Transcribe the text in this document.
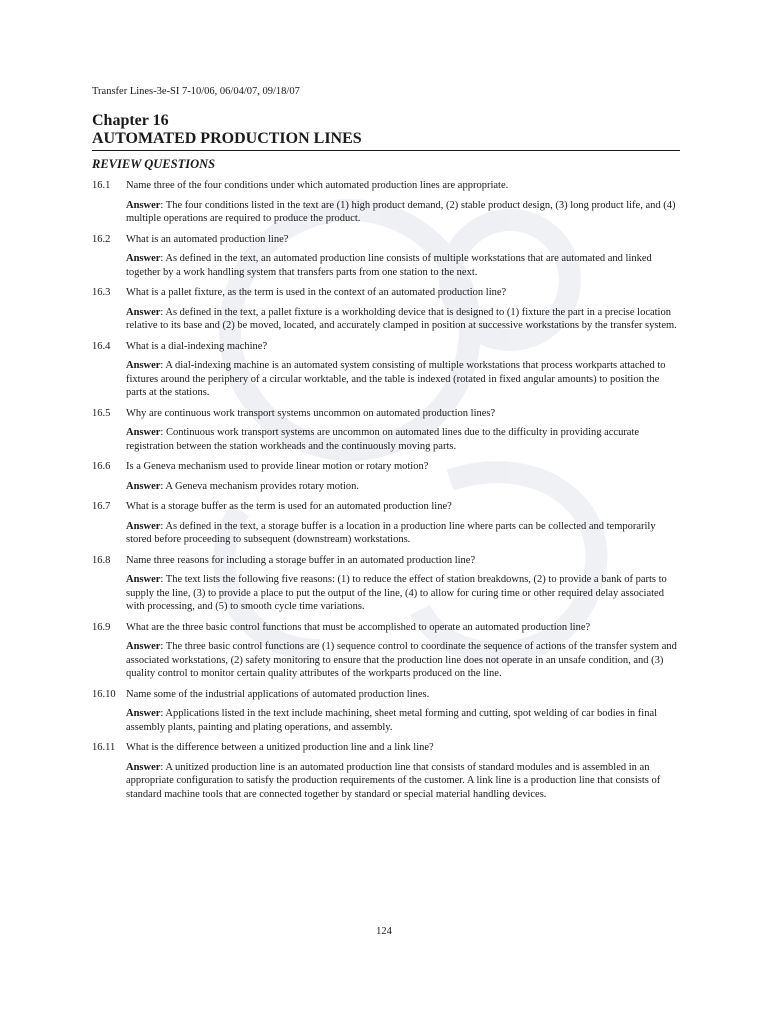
Transfer Lines-3e-SI 7-10/06, 06/04/07, 09/18/07

Chapter 16
AUTOMATED PRODUCTION LINES
REVIEW QUESTIONS
16.1	Name three of the four conditions under which automated production lines are appropriate.
Answer: The four conditions listed in the text are (1) high product demand, (2) stable product design, (3) long product life, and (4) multiple operations are required to produce the product.
16.2	What is an automated production line?
Answer: As defined in the text, an automated production line consists of multiple workstations that are automated and linked together by a work handling system that transfers parts from one station to the next.
16.3	What is a pallet fixture, as the term is used in the context of an automated production line?
Answer: As defined in the text, a pallet fixture is a workholding device that is designed to (1) fixture the part in a precise location relative to its base and (2) be moved, located, and accurately clamped in position at successive workstations by the transfer system.
16.4	What is a dial-indexing machine?
Answer: A dial-indexing machine is an automated system consisting of multiple workstations that process workparts attached to fixtures around the periphery of a circular worktable, and the table is indexed (rotated in fixed angular amounts) to position the parts at the stations.
16.5	Why are continuous work transport systems uncommon on automated production lines?
Answer: Continuous work transport systems are uncommon on automated lines due to the difficulty in providing accurate registration between the station workheads and the continuously moving parts.
16.6	Is a Geneva mechanism used to provide linear motion or rotary motion?
Answer: A Geneva mechanism provides rotary motion.
16.7	What is a storage buffer as the term is used for an automated production line?
Answer: As defined in the text, a storage buffer is a location in a production line where parts can be collected and temporarily stored before proceeding to subsequent (downstream) workstations.
16.8	Name three reasons for including a storage buffer in an automated production line?
Answer: The text lists the following five reasons: (1) to reduce the effect of station breakdowns, (2) to provide a bank of parts to supply the line, (3) to provide a place to put the output of the line, (4) to allow for curing time or other required delay associated with processing, and (5) to smooth cycle time variations.
16.9	What are the three basic control functions that must be accomplished to operate an automated production line?
Answer: The three basic control functions are (1) sequence control to coordinate the sequence of actions of the transfer system and associated workstations, (2) safety monitoring to ensure that the production line does not operate in an unsafe condition, and (3) quality control to monitor certain quality attributes of the workparts produced on the line.
16.10 Name some of the industrial applications of automated production lines.
Answer: Applications listed in the text include machining, sheet metal forming and cutting, spot welding of car bodies in final assembly plants, painting and plating operations, and assembly.
16.11	What is the difference between a unitized production line and a link line?
Answer: A unitized production line is an automated production line that consists of standard modules and is assembled in an appropriate configuration to satisfy the production requirements of the customer. A link line is a production line that consists of standard machine tools that are connected together by standard or special material handling devices.
124
